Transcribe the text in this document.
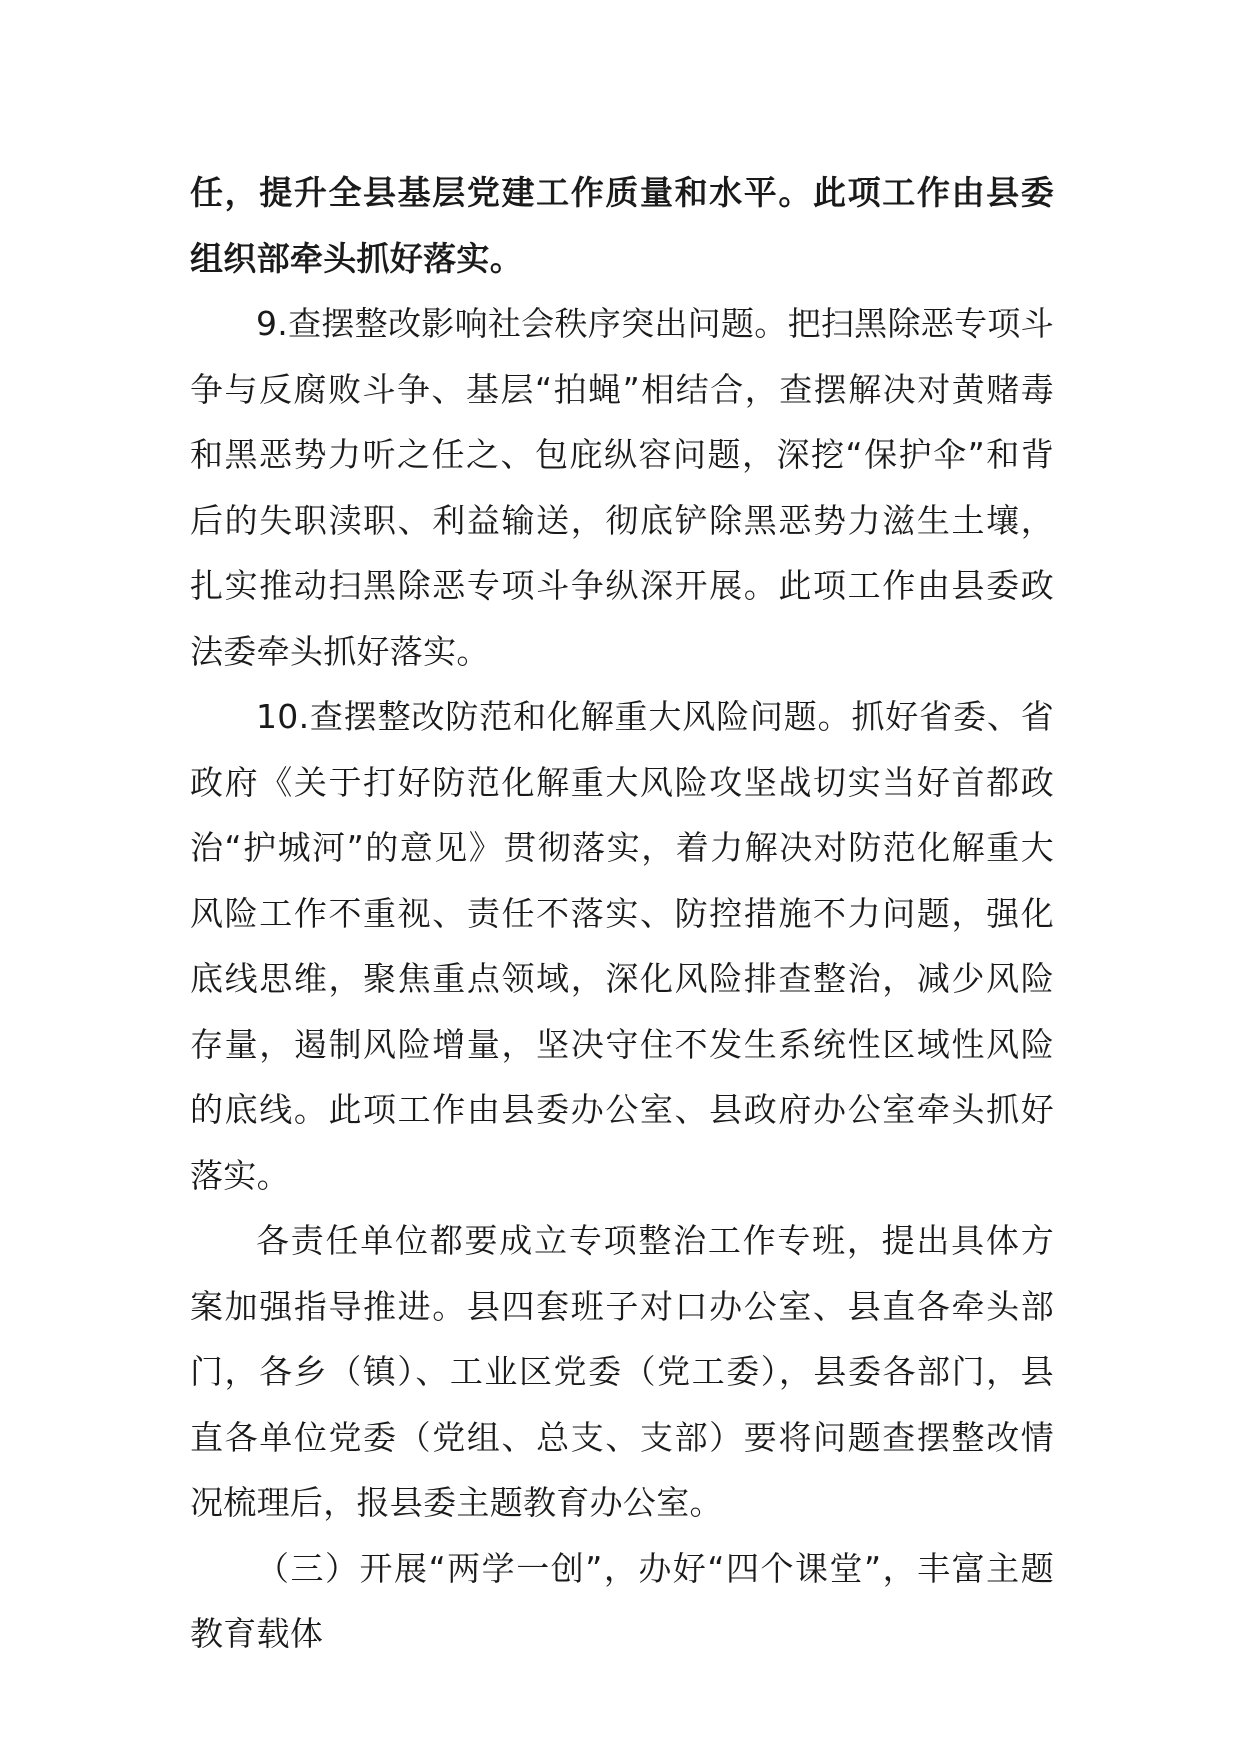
任，提升全县基层党建工作质量和水平。此项工作由县委组织部牵头抓好落实。

9.查摆整改影响社会秩序突出问题。把扫黑除恶专项斗争与反腐败斗争、基层“拍蝇”相结合，查摆解决对黄赌毒和黑恶势力听之任之、包庇纵容问题，深挖“保护伞”和背后的失职渎职、利益输送，彻底铲除黑恶势力滋生土壤，扎实推动扫黑除恶专项斗争纵深开展。此项工作由县委政法委牵头抓好落实。

10.查摆整改防范和化解重大风险问题。抓好省委、省政府《关于打好防范化解重大风险攻坚战切实当好首都政治“护城河”的意见》贯彻落实，着力解决对防范化解重大风险工作不重视、责任不落实、防控措施不力问题，强化底线思维，聚焦重点领域，深化风险排查整治，减少风险存量，遏制风险增量，坚决守住不发生系统性区域性风险的底线。此项工作由县委办公室、县政府办公室牵头抓好落实。

各责任单位都要成立专项整治工作专班，提出具体方案加强指导推进。县四套班子对口办公室、县直各牵头部门，各乡（镇）、工业区党委（党工委），县委各部门，县直各单位党委（党组、总支、支部）要将问题查摆整改情况梳理后，报县委主题教育办公室。

（三）开展“两学一创”，办好“四个课堂”，丰富主题教育载体
